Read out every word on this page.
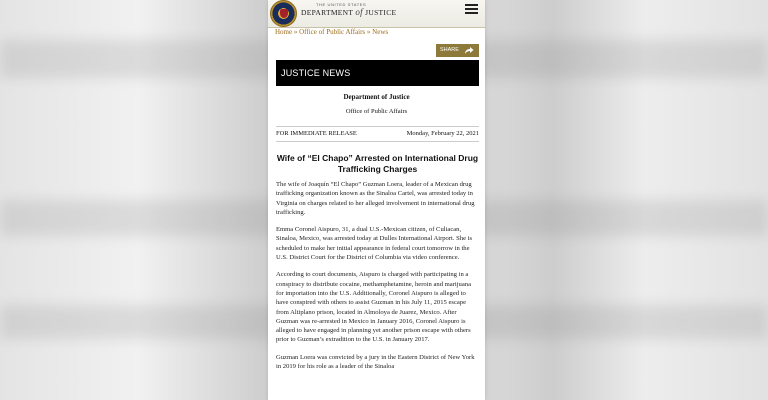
THE UNITED STATES
DEPARTMENT of JUSTICE
Home » Office of Public Affairs » News
SHARE
JUSTICE NEWS
Department of Justice
Office of Public Affairs
FOR IMMEDIATE RELEASE	Monday, February 22, 2021
Wife of “El Chapo” Arrested on International Drug Trafficking Charges

The wife of Joaquín “El Chapo” Guzman Loera, leader of a Mexican drug trafficking organization known as the Sinaloa Cartel, was arrested today in Virginia on charges related to her alleged involvement in international drug trafficking.

Emma Coronel Aispuro, 31, a dual U.S.-Mexican citizen, of Culiacan, Sinaloa, Mexico, was arrested today at Dulles International Airport. She is scheduled to make her initial appearance in federal court tomorrow in the U.S. District Court for the District of Columbia via video conference.

According to court documents, Aispuro is charged with participating in a conspiracy to distribute cocaine, methamphetamine, heroin and marijuana for importation into the U.S. Additionally, Coronel Aispuro is alleged to have conspired with others to assist Guzman in his July 11, 2015 escape from Altiplano prison, located in Almoloya de Juarez, Mexico. After Guzman was re-arrested in Mexico in January 2016, Coronel Aispuro is alleged to have engaged in planning yet another prison escape with others prior to Guzman’s extradition to the U.S. in January 2017.

Guzman Loera was convicted by a jury in the Eastern District of New York in 2019 for his role as a leader of the Sinaloa
